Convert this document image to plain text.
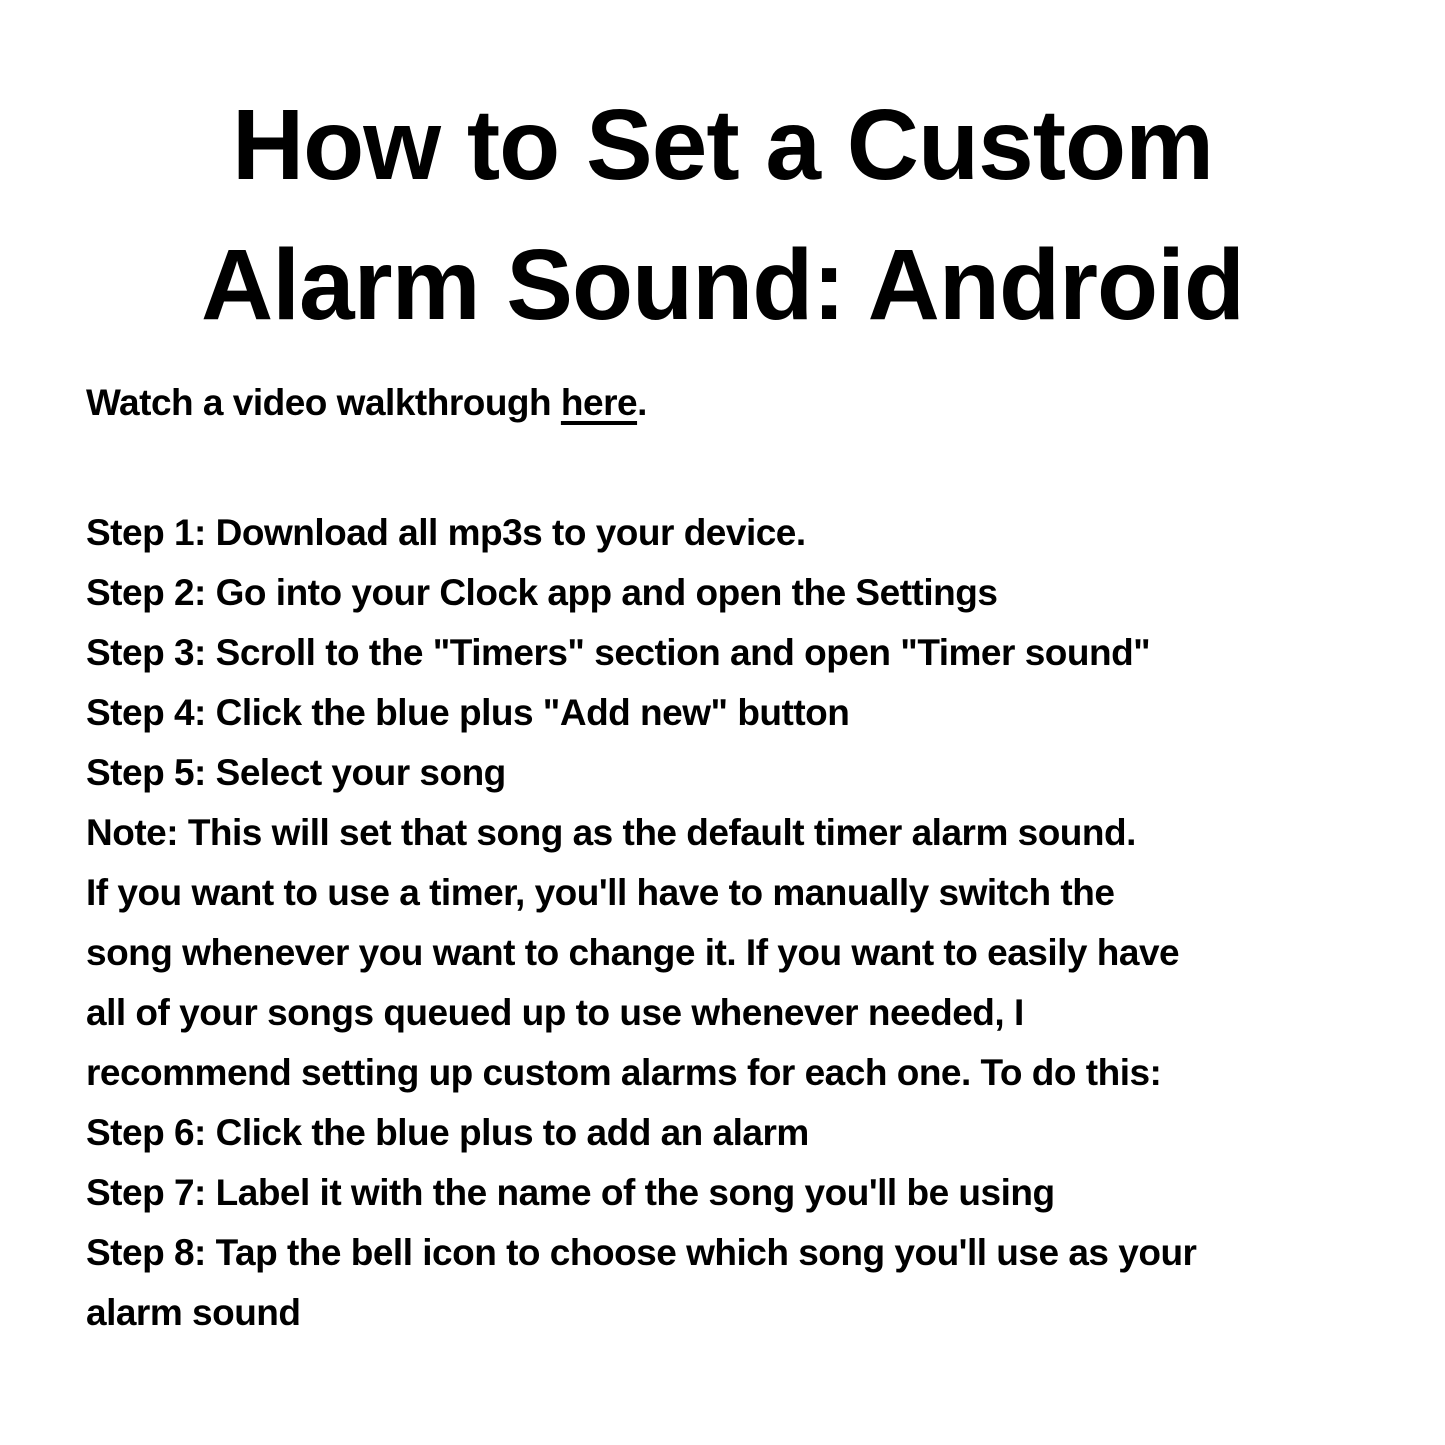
How to Set a Custom
Alarm Sound: Android

Watch a video walkthrough here.

Step 1: Download all mp3s to your device.
Step 2: Go into your Clock app and open the Settings
Step 3: Scroll to the "Timers" section and open "Timer sound"
Step 4: Click the blue plus "Add new" button
Step 5: Select your song
Note: This will set that song as the default timer alarm sound.
If you want to use a timer, you'll have to manually switch the
song whenever you want to change it. If you want to easily have
all of your songs queued up to use whenever needed, I
recommend setting up custom alarms for each one. To do this:
Step 6: Click the blue plus to add an alarm
Step 7: Label it with the name of the song you'll be using
Step 8: Tap the bell icon to choose which song you'll use as your
alarm sound
